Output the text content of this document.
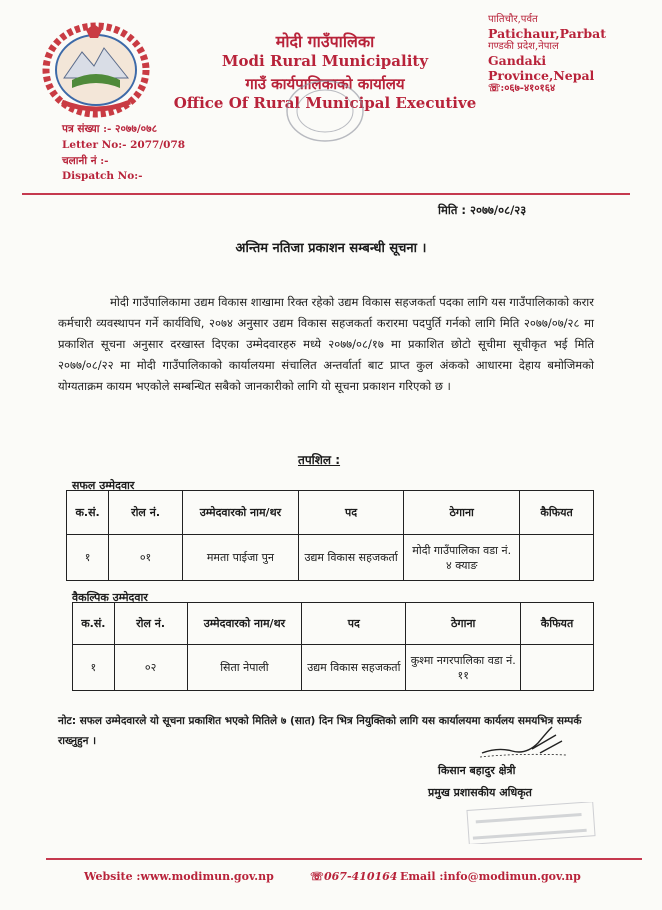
मोदी गाउँपालिका
Modi Rural Municipality
गाउँ कार्यपालिकाको कार्यालय
Office Of Rural Municipal Executive
पातिचौर,पर्वत
Patichaur,Parbat
गण्डकी प्रदेश,नेपाल
Gandaki
Province,Nepal
☏:०६७-४१०१६४
पत्र संख्या :- २०७७/०७८
Letter No:- 2077/078
चलानी नं :-
Dispatch No:-
मिति : २०७७/०८/२३
अन्तिम नतिजा प्रकाशन सम्बन्धी सूचना ।
मोदी गाउँपालिकामा उद्यम विकास शाखामा रिक्त रहेको उद्यम विकास सहजकर्ता पदका लागि यस गाउँपालिकाको करार कर्मचारी व्यवस्थापन गर्ने कार्यविधि, २०७४ अनुसार उद्यम विकास सहजकर्ता करारमा पदपुर्ति गर्नको लागि मिति २०७७/०७/२८ मा प्रकाशित सूचना अनुसार दरखास्त दिएका उम्मेदवारहरु मध्ये २०७७/०८/१७ मा प्रकाशित छोटो सूचीमा सूचीकृत भई मिति २०७७/०८/२२ मा मोदी गाउँपालिकाको कार्यालयमा संचालित अन्तर्वार्ता बाट प्राप्त कुल अंकको आधारमा देहाय बमोजिमको योग्यताक्रम कायम भएकोले सम्बन्धित सबैको जानकारीको लागि यो सूचना प्रकाशन गरिएको छ ।
तपशिल :
सफल उम्मेदवार
क.सं.	रोल नं.	उम्मेदवारको नाम/थर	पद	ठेगाना	कैफियत
१	०१	ममता पाईजा पुन	उद्यम विकास सहजकर्ता	मोदी गाउँपालिका वडा नं. ४ क्याङ	
वैकल्पिक उम्मेदवार
क.सं.	रोल नं.	उम्मेदवारको नाम/थर	पद	ठेगाना	कैफियत
१	०२	सिता नेपाली	उद्यम विकास सहजकर्ता	कुश्मा नगरपालिका वडा नं. ११	
नोट: सफल उम्मेदवारले यो सूचना प्रकाशित भएको मितिले ७ (सात) दिन भित्र नियुक्तिको लागि यस कार्यालयमा कार्यलय समयभित्र सम्पर्क राख्नुहुन ।
किसान बहादुर क्षेत्री
प्रमुख प्रशासकीय अधिकृत
Website :www.modimun.gov.np	☏ 067-410164 Email :info@modimun.gov.np
